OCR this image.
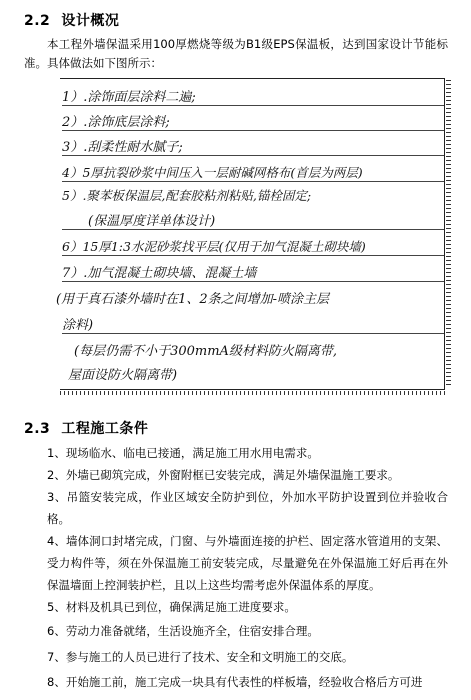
2.2 设计概况
本工程外墙保温采用100厚燃烧等级为B1级EPS保温板，达到国家设计节能标准。具体做法如下图所示：
1）.涂饰面层涂料二遍;
2）.涂饰底层涂料;
3）.刮柔性耐水腻子;
4）5厚抗裂砂浆中间压入一层耐碱网格布(首层为两层)
5）.聚苯板保温层,配套胶粘剂粘贴,锚栓固定;
(保温厚度详单体设计)
6）15厚1:3水泥砂浆找平层(仅用于加气混凝土砌块墙)
7）.加气混凝土砌块墙、混凝土墙
(用于真石漆外墙时在1、2条之间增加-喷涂主层
涂料)
(每层仍需不小于300mmA级材料防火隔离带,
屋面设防火隔离带)
2.3 工程施工条件
1、现场临水、临电已接通，满足施工用水用电需求。
2、外墙已砌筑完成，外窗附框已安装完成，满足外墙保温施工要求。
3、吊篮安装完成，作业区域安全防护到位，外加水平防护设置到位并验收合格。
4、墙体洞口封堵完成，门窗、与外墙面连接的护栏、固定落水管道用的支架、受力构件等，须在外保温施工前安装完成，尽量避免在外保温施工好后再在外保温墙面上控洞装护栏，且以上这些均需考虑外保温体系的厚度。
5、材料及机具已到位，确保满足施工进度要求。
6、劳动力准备就绪，生活设施齐全，住宿安排合理。
7、参与施工的人员已进行了技术、安全和文明施工的交底。
8、开始施工前，施工完成一块具有代表性的样板墙，经验收合格后方可进
